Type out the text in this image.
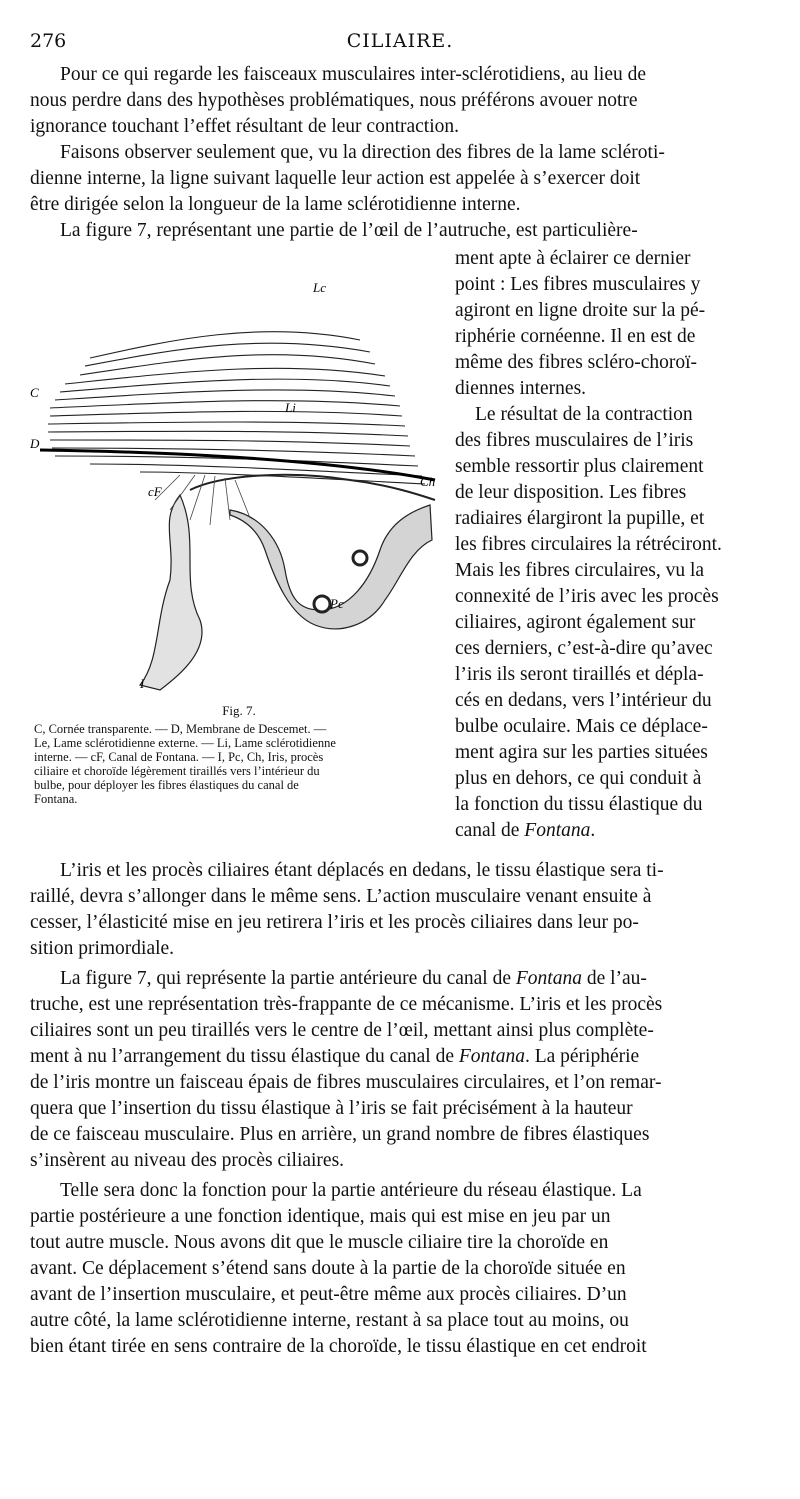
276	CILIAIRE.
Pour ce qui regarde les faisceaux musculaires inter-sclérotidiens, au lieu de
nous perdre dans des hypothèses problématiques, nous préférons avouer notre
ignorance touchant l’effet résultant de leur contraction.
Faisons observer seulement que, vu la direction des fibres de la lame scléroti-
dienne interne, la ligne suivant laquelle leur action est appelée à s’exercer doit
être dirigée selon la longueur de la lame sclérotidienne interne.
La figure 7, représentant une partie de l’œil de l’autruche, est particulière-
ment apte à éclairer ce dernier
point : Les fibres musculaires y
agiront en ligne droite sur la pé-
riphérie cornéenne. Il en est de
même des fibres scléro-choroï-
diennes internes.
Le résultat de la contraction
des fibres musculaires de l’iris
semble ressortir plus clairement
de leur disposition. Les fibres
radiaires élargiront la pupille, et
les fibres circulaires la rétréciront.
Mais les fibres circulaires, vu la
connexité de l’iris avec les procès
ciliaires, agiront également sur
ces derniers, c’est-à-dire qu’avec
l’iris ils seront tiraillés et dépla-
cés en dedans, vers l’intérieur du
bulbe oculaire. Mais ce déplace-
ment agira sur les parties situées
plus en dehors, ce qui conduit à
la fonction du tissu élastique du
canal de Fontana.
Lc
C
Li
D
Ch
cF
Pc
I
Fig. 7.
C, Cornée transparente. — D, Membrane de Descemet. —
Le, Lame sclérotidienne externe. — Li, Lame sclérotidienne
interne. — cF, Canal de Fontana. — I, Pc, Ch, Iris, procès
ciliaire et choroïde légèrement tiraillés vers l’intérieur du
bulbe, pour déployer les fibres élastiques du canal de
Fontana.
L’iris et les procès ciliaires étant déplacés en dedans, le tissu élastique sera ti-
raillé, devra s’allonger dans le même sens. L’action musculaire venant ensuite à
cesser, l’élasticité mise en jeu retirera l’iris et les procès ciliaires dans leur po-
sition primordiale.
La figure 7, qui représente la partie antérieure du canal de Fontana de l’au-
truche, est une représentation très-frappante de ce mécanisme. L’iris et les procès
ciliaires sont un peu tiraillés vers le centre de l’œil, mettant ainsi plus complète-
ment à nu l’arrangement du tissu élastique du canal de Fontana. La périphérie
de l’iris montre un faisceau épais de fibres musculaires circulaires, et l’on remar-
quera que l’insertion du tissu élastique à l’iris se fait précisément à la hauteur
de ce faisceau musculaire. Plus en arrière, un grand nombre de fibres élastiques
s’insèrent au niveau des procès ciliaires.
Telle sera donc la fonction pour la partie antérieure du réseau élastique. La
partie postérieure a une fonction identique, mais qui est mise en jeu par un
tout autre muscle. Nous avons dit que le muscle ciliaire tire la choroïde en
avant. Ce déplacement s’étend sans doute à la partie de la choroïde située en
avant de l’insertion musculaire, et peut-être même aux procès ciliaires. D’un
autre côté, la lame sclérotidienne interne, restant à sa place tout au moins, ou
bien étant tirée en sens contraire de la choroïde, le tissu élastique en cet endroit
